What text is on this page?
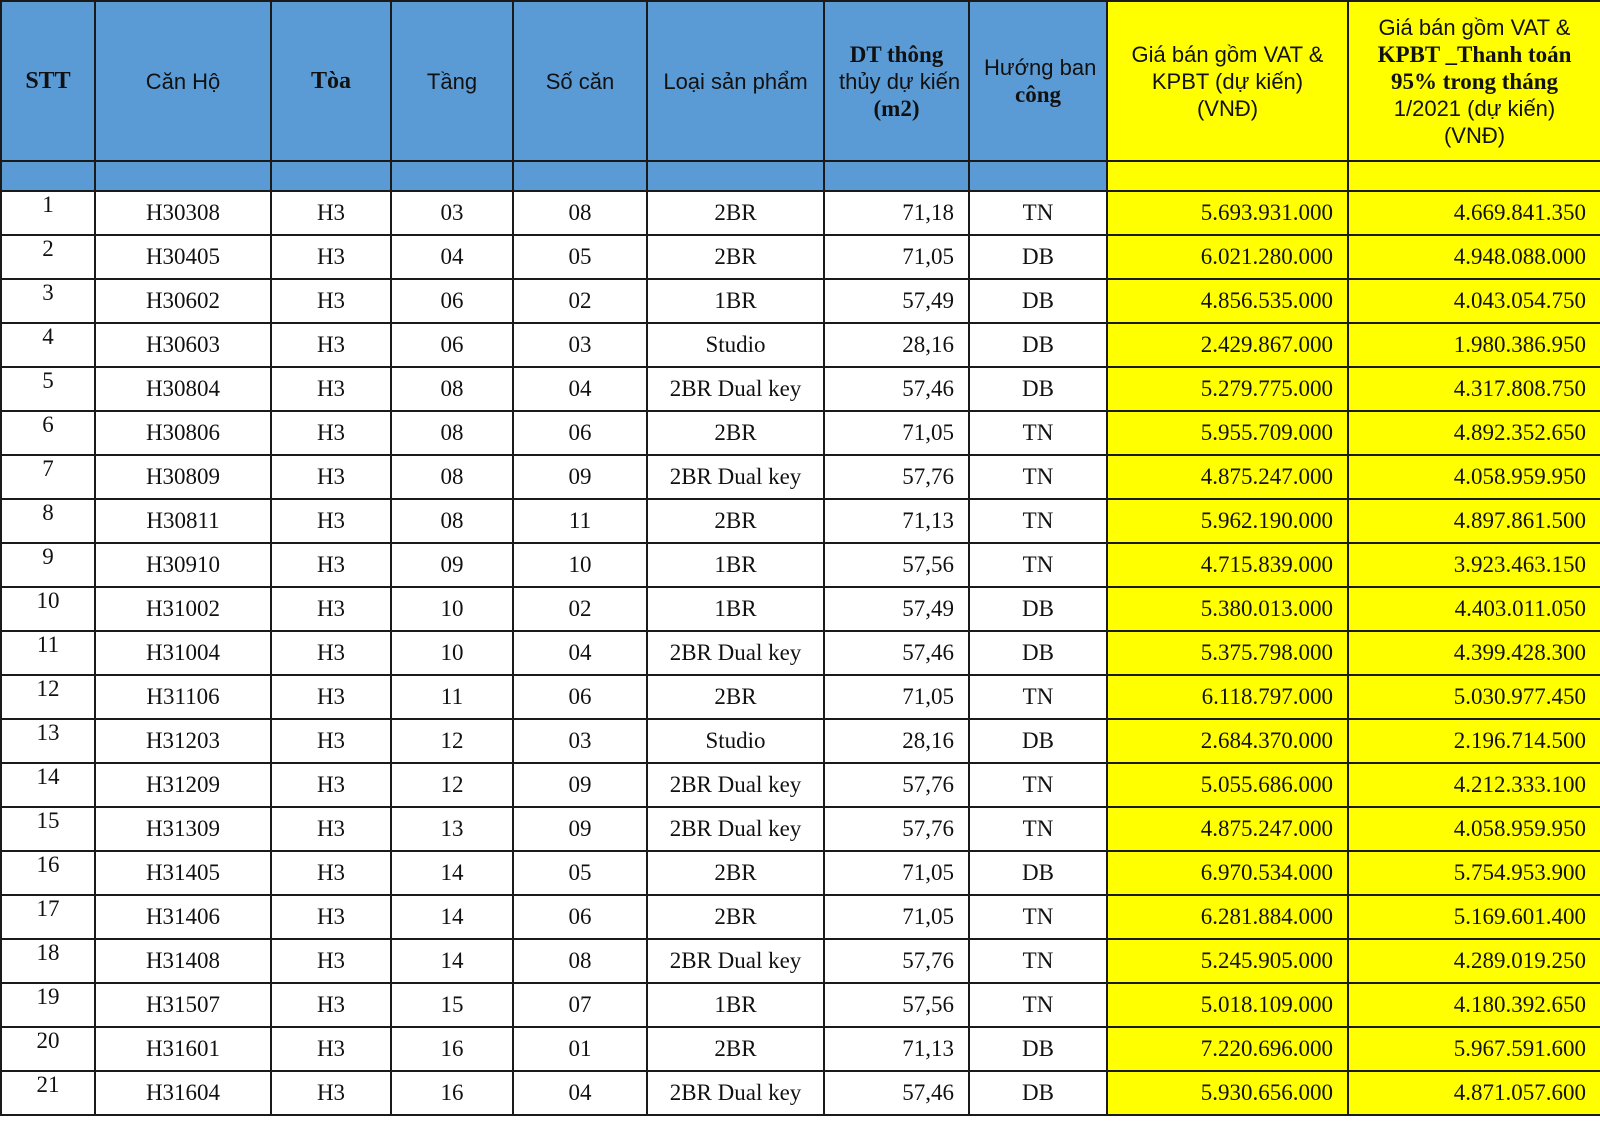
STT	Căn Hộ	Tòa	Tầng	Số căn	Loại sản phẩm	DT thông
thủy dự kiến
(m2)	Hướng ban
công	Giá bán gồm VAT &
KPBT (dự kiến)
(VNĐ)	Giá bán gồm VAT &
KPBT _Thanh toán
95% trong tháng
1/2021 (dự kiến)
(VNĐ)

1	H30308	H3	03	08	2BR	71,18	TN	5.693.931.000	4.669.841.350
2	H30405	H3	04	05	2BR	71,05	DB	6.021.280.000	4.948.088.000
3	H30602	H3	06	02	1BR	57,49	DB	4.856.535.000	4.043.054.750
4	H30603	H3	06	03	Studio	28,16	DB	2.429.867.000	1.980.386.950
5	H30804	H3	08	04	2BR Dual key	57,46	DB	5.279.775.000	4.317.808.750
6	H30806	H3	08	06	2BR	71,05	TN	5.955.709.000	4.892.352.650
7	H30809	H3	08	09	2BR Dual key	57,76	TN	4.875.247.000	4.058.959.950
8	H30811	H3	08	11	2BR	71,13	TN	5.962.190.000	4.897.861.500
9	H30910	H3	09	10	1BR	57,56	TN	4.715.839.000	3.923.463.150
10	H31002	H3	10	02	1BR	57,49	DB	5.380.013.000	4.403.011.050
11	H31004	H3	10	04	2BR Dual key	57,46	DB	5.375.798.000	4.399.428.300
12	H31106	H3	11	06	2BR	71,05	TN	6.118.797.000	5.030.977.450
13	H31203	H3	12	03	Studio	28,16	DB	2.684.370.000	2.196.714.500
14	H31209	H3	12	09	2BR Dual key	57,76	TN	5.055.686.000	4.212.333.100
15	H31309	H3	13	09	2BR Dual key	57,76	TN	4.875.247.000	4.058.959.950
16	H31405	H3	14	05	2BR	71,05	DB	6.970.534.000	5.754.953.900
17	H31406	H3	14	06	2BR	71,05	TN	6.281.884.000	5.169.601.400
18	H31408	H3	14	08	2BR Dual key	57,76	TN	5.245.905.000	4.289.019.250
19	H31507	H3	15	07	1BR	57,56	TN	5.018.109.000	4.180.392.650
20	H31601	H3	16	01	2BR	71,13	DB	7.220.696.000	5.967.591.600
21	H31604	H3	16	04	2BR Dual key	57,46	DB	5.930.656.000	4.871.057.600
